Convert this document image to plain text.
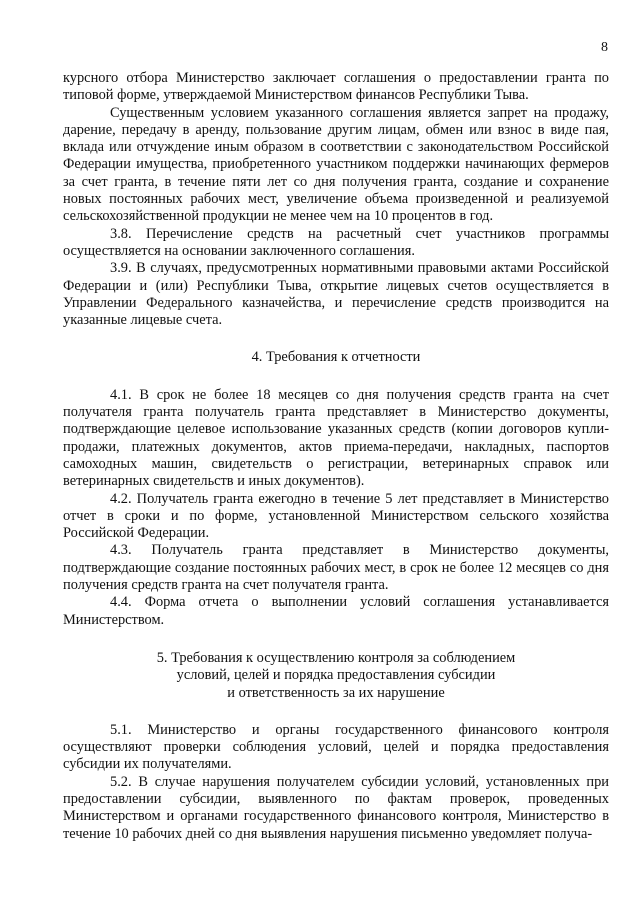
8

курсного отбора Министерство заключает соглашения о предоставлении гранта по типовой форме, утверждаемой Министерством финансов Республики Тыва.

Существенным условием указанного соглашения является запрет на продажу, дарение, передачу в аренду, пользование другим лицам, обмен или взнос в виде пая, вклада или отчуждение иным образом в соответствии с законодательством Российской Федерации имущества, приобретенного участником поддержки начинающих фермеров за счет гранта, в течение пяти лет со дня получения гранта, создание и сохранение новых постоянных рабочих мест, увеличение объема произведенной и реализуемой сельскохозяйственной продукции не менее чем на 10 процентов в год.

3.8. Перечисление средств на расчетный счет участников программы осуществляется на основании заключенного соглашения.

3.9. В случаях, предусмотренных нормативными правовыми актами Российской Федерации и (или) Республики Тыва, открытие лицевых счетов осуществляется в Управлении Федерального казначейства, и перечисление средств производится на указанные лицевые счета.

4. Требования к отчетности

4.1. В срок не более 18 месяцев со дня получения средств гранта на счет получателя гранта получатель гранта представляет в Министерство документы, подтверждающие целевое использование указанных средств (копии договоров купли-продажи, платежных документов, актов приема-передачи, накладных, паспортов самоходных машин, свидетельств о регистрации, ветеринарных справок или ветеринарных свидетельств и иных документов).

4.2. Получатель гранта ежегодно в течение 5 лет представляет в Министерство отчет в сроки и по форме, установленной Министерством сельского хозяйства Российской Федерации.

4.3. Получатель гранта представляет в Министерство документы, подтверждающие создание постоянных рабочих мест, в срок не более 12 месяцев со дня получения средств гранта на счет получателя гранта.

4.4. Форма отчета о выполнении условий соглашения устанавливается Министерством.

5. Требования к осуществлению контроля за соблюдением
условий, целей и порядка предоставления субсидии
и ответственность за их нарушение

5.1. Министерство и органы государственного финансового контроля осуществляют проверки соблюдения условий, целей и порядка предоставления субсидии их получателями.

5.2. В случае нарушения получателем субсидии условий, установленных при предоставлении субсидии, выявленного по фактам проверок, проведенных Министерством и органами государственного финансового контроля, Министерство в течение 10 рабочих дней со дня выявления нарушения письменно уведомляет получа-
